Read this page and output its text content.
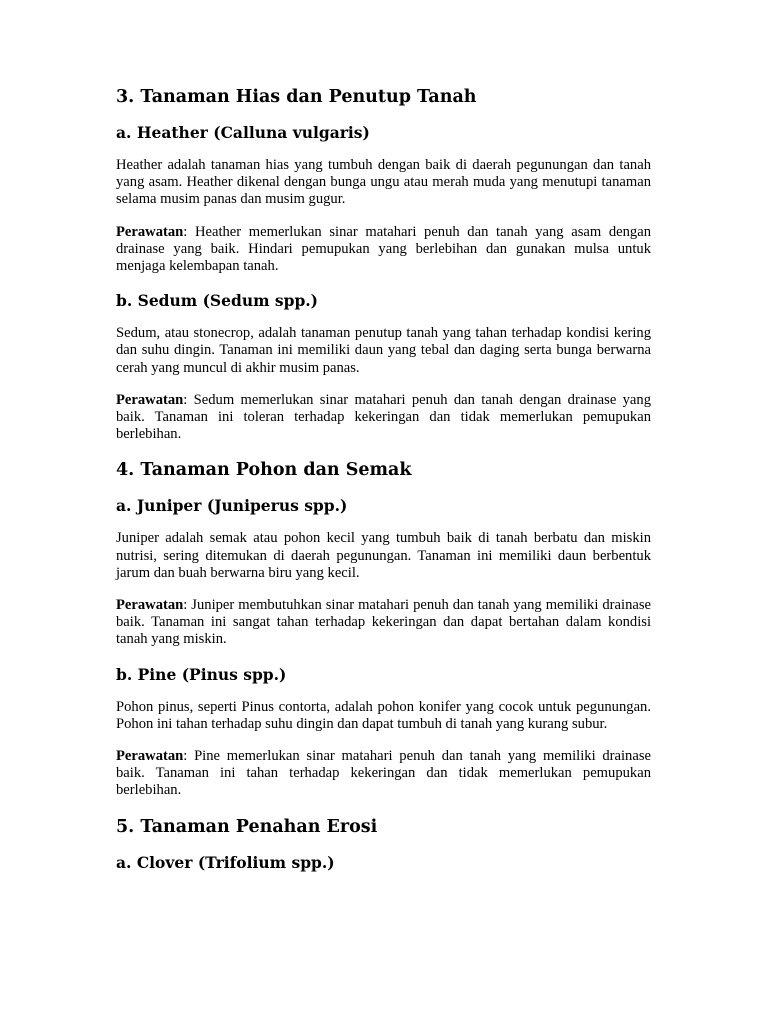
3. Tanaman Hias dan Penutup Tanah
a. Heather (Calluna vulgaris)

Heather adalah tanaman hias yang tumbuh dengan baik di daerah pegunungan dan tanah yang asam. Heather dikenal dengan bunga ungu atau merah muda yang menutupi tanaman selama musim panas dan musim gugur.

Perawatan: Heather memerlukan sinar matahari penuh dan tanah yang asam dengan drainase yang baik. Hindari pemupukan yang berlebihan dan gunakan mulsa untuk menjaga kelembapan tanah.

b. Sedum (Sedum spp.)

Sedum, atau stonecrop, adalah tanaman penutup tanah yang tahan terhadap kondisi kering dan suhu dingin. Tanaman ini memiliki daun yang tebal dan daging serta bunga berwarna cerah yang muncul di akhir musim panas.

Perawatan: Sedum memerlukan sinar matahari penuh dan tanah dengan drainase yang baik. Tanaman ini toleran terhadap kekeringan dan tidak memerlukan pemupukan berlebihan.

4. Tanaman Pohon dan Semak
a. Juniper (Juniperus spp.)

Juniper adalah semak atau pohon kecil yang tumbuh baik di tanah berbatu dan miskin nutrisi, sering ditemukan di daerah pegunungan. Tanaman ini memiliki daun berbentuk jarum dan buah berwarna biru yang kecil.

Perawatan: Juniper membutuhkan sinar matahari penuh dan tanah yang memiliki drainase baik. Tanaman ini sangat tahan terhadap kekeringan dan dapat bertahan dalam kondisi tanah yang miskin.

b. Pine (Pinus spp.)

Pohon pinus, seperti Pinus contorta, adalah pohon konifer yang cocok untuk pegunungan. Pohon ini tahan terhadap suhu dingin dan dapat tumbuh di tanah yang kurang subur.

Perawatan: Pine memerlukan sinar matahari penuh dan tanah yang memiliki drainase baik. Tanaman ini tahan terhadap kekeringan dan tidak memerlukan pemupukan berlebihan.

5. Tanaman Penahan Erosi
a. Clover (Trifolium spp.)
